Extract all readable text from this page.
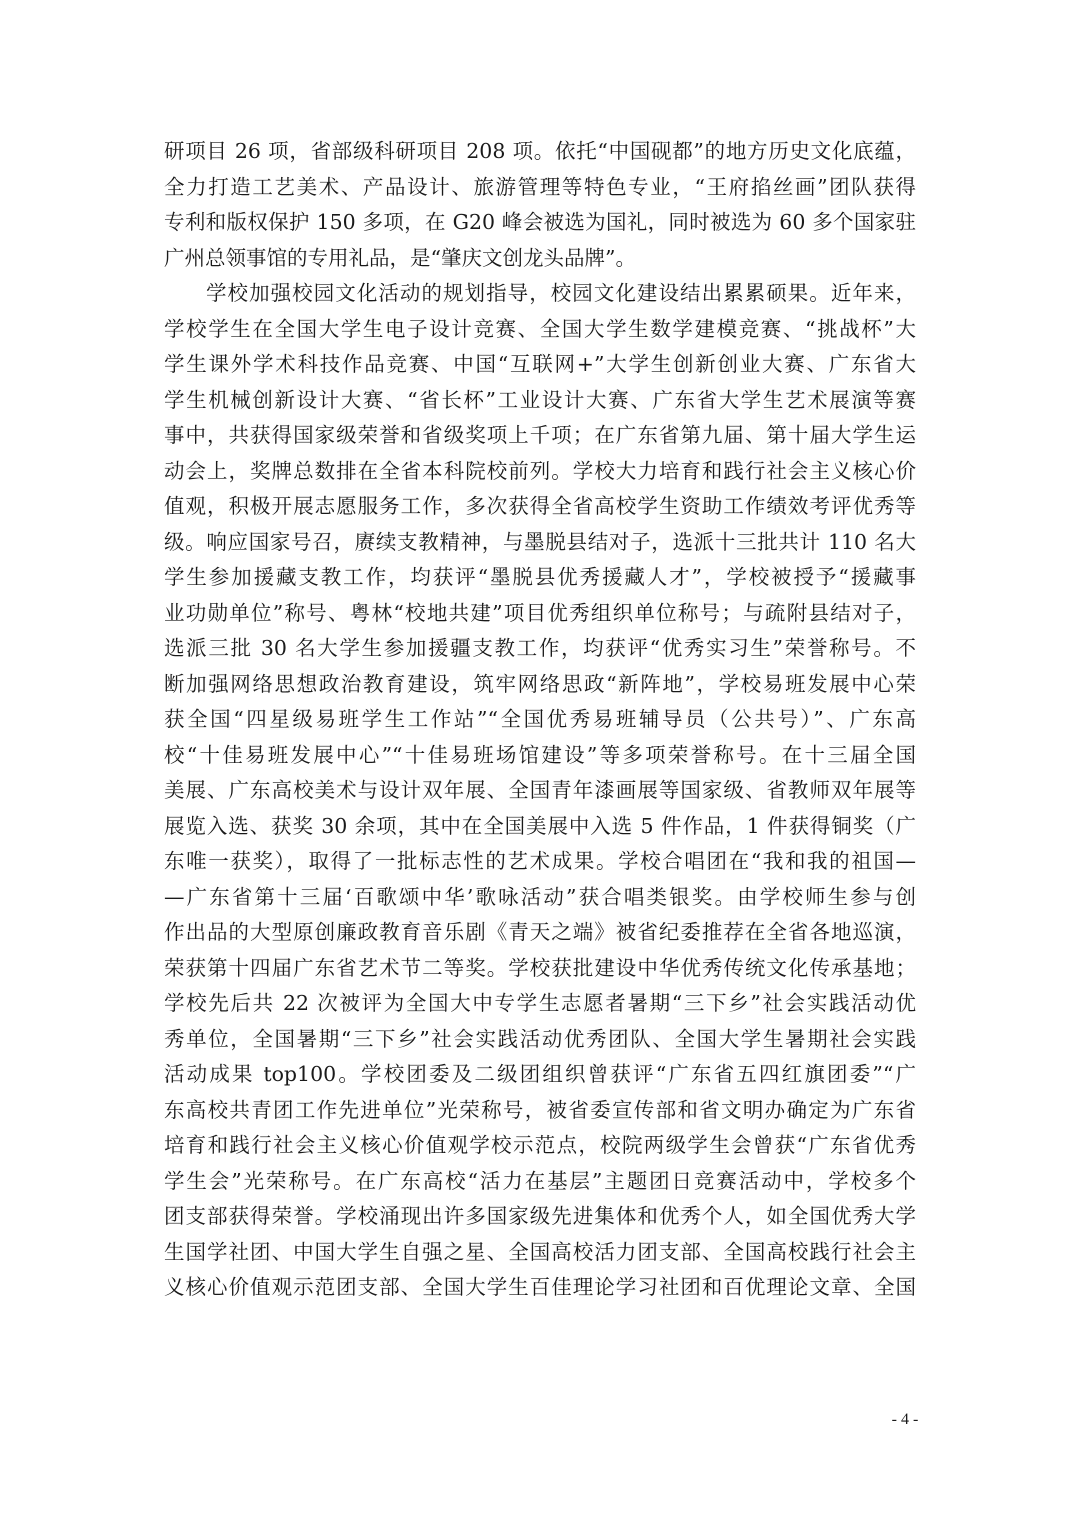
研项目 26 项，省部级科研项目 208 项。依托“中国砚都”的地方历史文化底蕴，
全力打造工艺美术、产品设计、旅游管理等特色专业，“王府掐丝画”团队获得
专利和版权保护 150 多项，在 G20 峰会被选为国礼，同时被选为 60 多个国家驻
广州总领事馆的专用礼品，是“肇庆文创龙头品牌”。
学校加强校园文化活动的规划指导，校园文化建设结出累累硕果。近年来，
学校学生在全国大学生电子设计竞赛、全国大学生数学建模竞赛、“挑战杯”大
学生课外学术科技作品竞赛、中国“互联网+”大学生创新创业大赛、广东省大
学生机械创新设计大赛、“省长杯”工业设计大赛、广东省大学生艺术展演等赛
事中，共获得国家级荣誉和省级奖项上千项；在广东省第九届、第十届大学生运
动会上，奖牌总数排在全省本科院校前列。学校大力培育和践行社会主义核心价
值观，积极开展志愿服务工作，多次获得全省高校学生资助工作绩效考评优秀等
级。响应国家号召，赓续支教精神，与墨脱县结对子，选派十三批共计 110 名大
学生参加援藏支教工作，均获评“墨脱县优秀援藏人才”，学校被授予“援藏事
业功勋单位”称号、粤林“校地共建”项目优秀组织单位称号；与疏附县结对子，
选派三批 30 名大学生参加援疆支教工作，均获评“优秀实习生”荣誉称号。不
断加强网络思想政治教育建设，筑牢网络思政“新阵地”，学校易班发展中心荣
获全国“四星级易班学生工作站”“全国优秀易班辅导员（公共号）”、广东高
校“十佳易班发展中心”“十佳易班场馆建设”等多项荣誉称号。在十三届全国
美展、广东高校美术与设计双年展、全国青年漆画展等国家级、省教师双年展等
展览入选、获奖 30 余项，其中在全国美展中入选 5 件作品，1 件获得铜奖（广
东唯一获奖），取得了一批标志性的艺术成果。学校合唱团在“我和我的祖国—
—广东省第十三届‘百歌颂中华’歌咏活动”获合唱类银奖。由学校师生参与创
作出品的大型原创廉政教育音乐剧《青天之端》被省纪委推荐在全省各地巡演，
荣获第十四届广东省艺术节二等奖。学校获批建设中华优秀传统文化传承基地；
学校先后共 22 次被评为全国大中专学生志愿者暑期“三下乡”社会实践活动优
秀单位，全国暑期“三下乡”社会实践活动优秀团队、全国大学生暑期社会实践
活动成果 top100。学校团委及二级团组织曾获评“广东省五四红旗团委”“广
东高校共青团工作先进单位”光荣称号，被省委宣传部和省文明办确定为广东省
培育和践行社会主义核心价值观学校示范点，校院两级学生会曾获“广东省优秀
学生会”光荣称号。在广东高校“活力在基层”主题团日竞赛活动中，学校多个
团支部获得荣誉。学校涌现出许多国家级先进集体和优秀个人，如全国优秀大学
生国学社团、中国大学生自强之星、全国高校活力团支部、全国高校践行社会主
义核心价值观示范团支部、全国大学生百佳理论学习社团和百优理论文章、全国
- 4 -
